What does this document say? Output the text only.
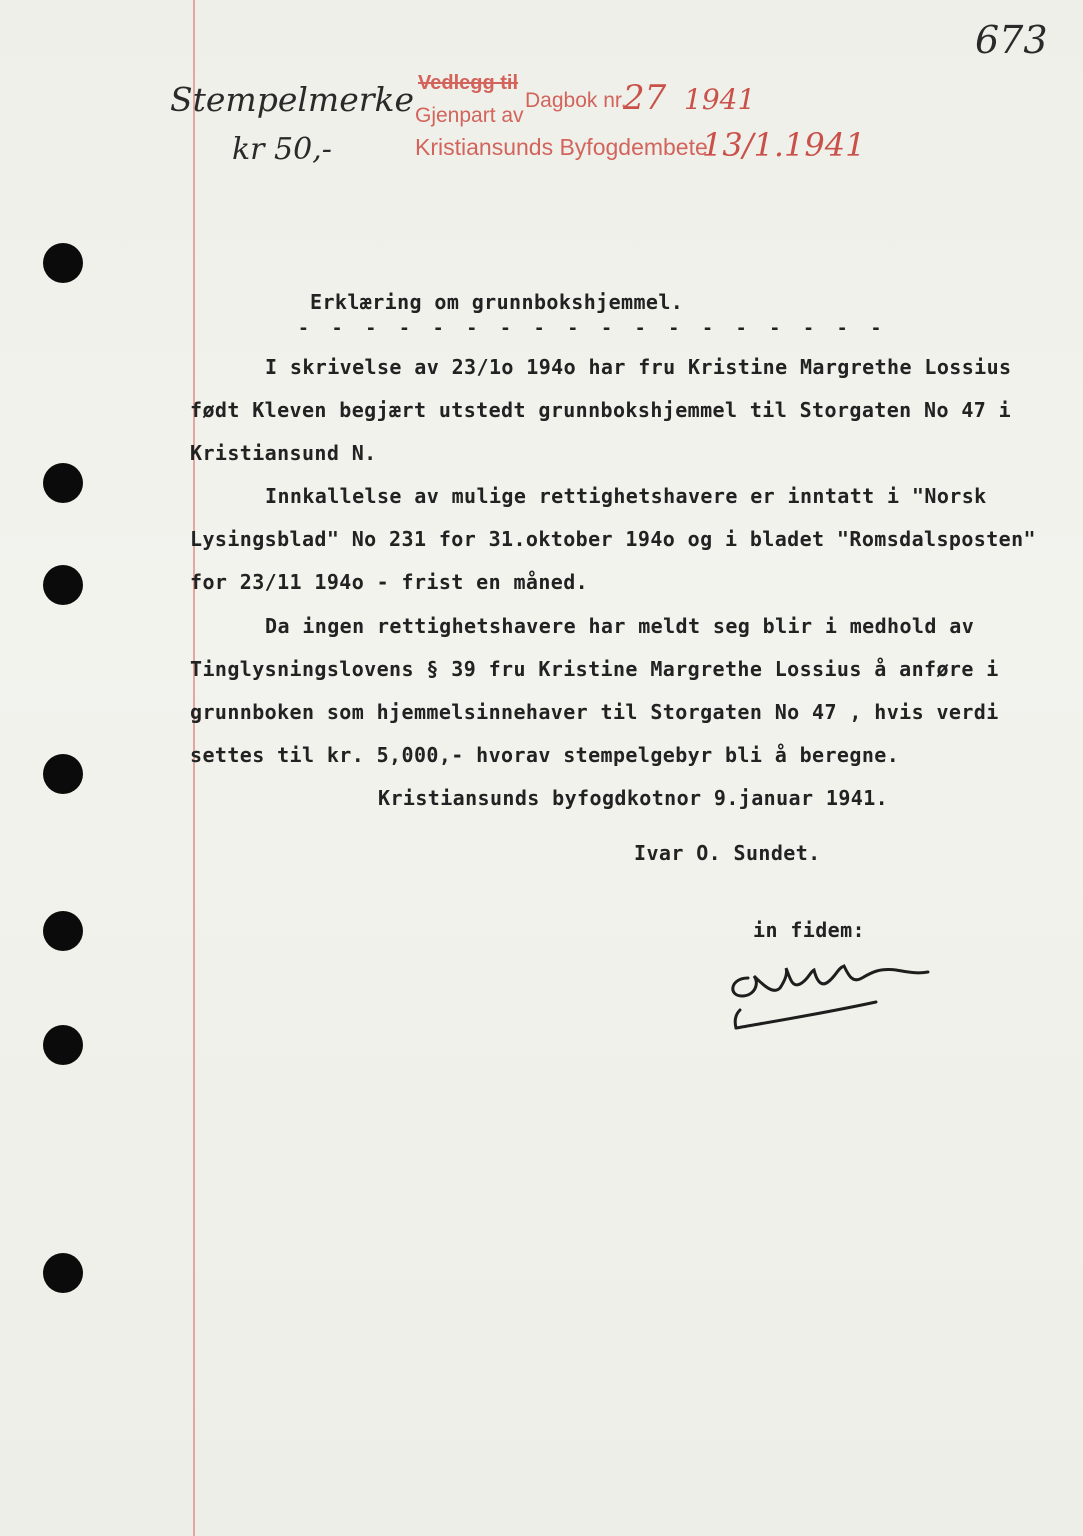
673
Stempelmerke
kr 50,-
Vedlegg til
Gjenpart av
Dagbok nr.
27 1941
Kristiansunds Byfogdembete
13/1.1941
Erklæring om grunnbokshjemmel.
- - - - - - - - - - - - - - - - - -
I skrivelse av 23/1o 194o har fru Kristine Margrethe Lossius
født Kleven begjært utstedt grunnbokshjemmel til Storgaten No 47 i
Kristiansund N.
Innkallelse av mulige rettighetshavere er inntatt i "Norsk
Lysingsblad" No 231 for 31.oktober 194o og i bladet "Romsdalsposten"
for 23/11 194o - frist en måned.
Da ingen rettighetshavere har meldt seg blir i medhold av
Tinglysningslovens § 39 fru Kristine Margrethe Lossius å anføre i
grunnboken som hjemmelsinnehaver til Storgaten No 47 , hvis verdi
settes til kr. 5,000,- hvorav stempelgebyr bli å beregne.
Kristiansunds byfogdkotnor 9.januar 1941.
Ivar O. Sundet.
in fidem:
